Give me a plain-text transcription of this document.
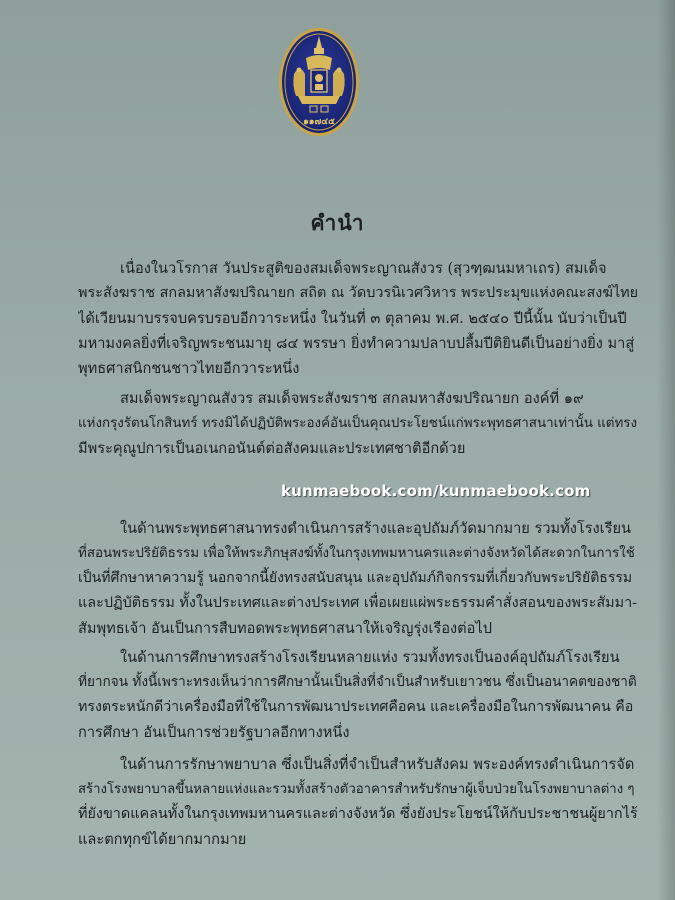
๑๑๗๔๕
คำนำ
เนื่องในวโรกาส วันประสูติของสมเด็จพระญาณสังวร (สุวฑฺฒนมหาเถร) สมเด็จ
พระสังฆราช สกลมหาสังฆปริณายก สถิต ณ วัดบวรนิเวศวิหาร พระประมุขแห่งคณะสงฆ์ไทย
ได้เวียนมาบรรจบครบรอบอีกวาระหนึ่ง ในวันที่ ๓ ตุลาคม พ.ศ. ๒๕๔๐ ปีนี้นั้น นับว่าเป็นปี
มหามงคลยิ่งที่เจริญพระชนมายุ ๘๔ พรรษา ยิ่งทำความปลาบปลื้มปีติยินดีเป็นอย่างยิ่ง มาสู่
พุทธศาสนิกชนชาวไทยอีกวาระหนึ่ง
สมเด็จพระญาณสังวร สมเด็จพระสังฆราช สกลมหาสังฆปริณายก องค์ที่ ๑๙
แห่งกรุงรัตนโกสินทร์ ทรงมิได้ปฏิบัติพระองค์อันเป็นคุณประโยชน์แก่พระพุทธศาสนาเท่านั้น แต่ทรง
มีพระคุณูปการเป็นอเนกอนันต์ต่อสังคมและประเทศชาติอีกด้วย
ในด้านพระพุทธศาสนาทรงดำเนินการสร้างและอุปถัมภ์วัดมากมาย รวมทั้งโรงเรียน
ที่สอนพระปริยัติธรรม เพื่อให้พระภิกษุสงฆ์ทั้งในกรุงเทพมหานครและต่างจังหวัดได้สะดวกในการใช้
เป็นที่ศึกษาหาความรู้ นอกจากนี้ยังทรงสนับสนุน และอุปถัมภ์กิจกรรมที่เกี่ยวกับพระปริยัติธรรม
และปฏิบัติธรรม ทั้งในประเทศและต่างประเทศ เพื่อเผยแผ่พระธรรมคำสั่งสอนของพระสัมมา-
สัมพุทธเจ้า อันเป็นการสืบทอดพระพุทธศาสนาให้เจริญรุ่งเรืองต่อไป
ในด้านการศึกษาทรงสร้างโรงเรียนหลายแห่ง รวมทั้งทรงเป็นองค์อุปถัมภ์โรงเรียน
ที่ยากจน ทั้งนี้เพราะทรงเห็นว่าการศึกษานั้นเป็นสิ่งที่จำเป็นสำหรับเยาวชน ซึ่งเป็นอนาคตของชาติ
ทรงตระหนักดีว่าเครื่องมือที่ใช้ในการพัฒนาประเทศคือคน และเครื่องมือในการพัฒนาคน คือ
การศึกษา อันเป็นการช่วยรัฐบาลอีกทางหนึ่ง
ในด้านการรักษาพยาบาล ซึ่งเป็นสิ่งที่จำเป็นสำหรับสังคม พระองค์ทรงดำเนินการจัด
สร้างโรงพยาบาลขึ้นหลายแห่งและรวมทั้งสร้างตัวอาคารสำหรับรักษาผู้เจ็บป่วยในโรงพยาบาลต่าง ๆ
ที่ยังขาดแคลนทั้งในกรุงเทพมหานครและต่างจังหวัด ซึ่งยังประโยชน์ให้กับประชาชนผู้ยากไร้
และตกทุกข์ได้ยากมากมาย
kunmaebook.com/kunmaebook.com
